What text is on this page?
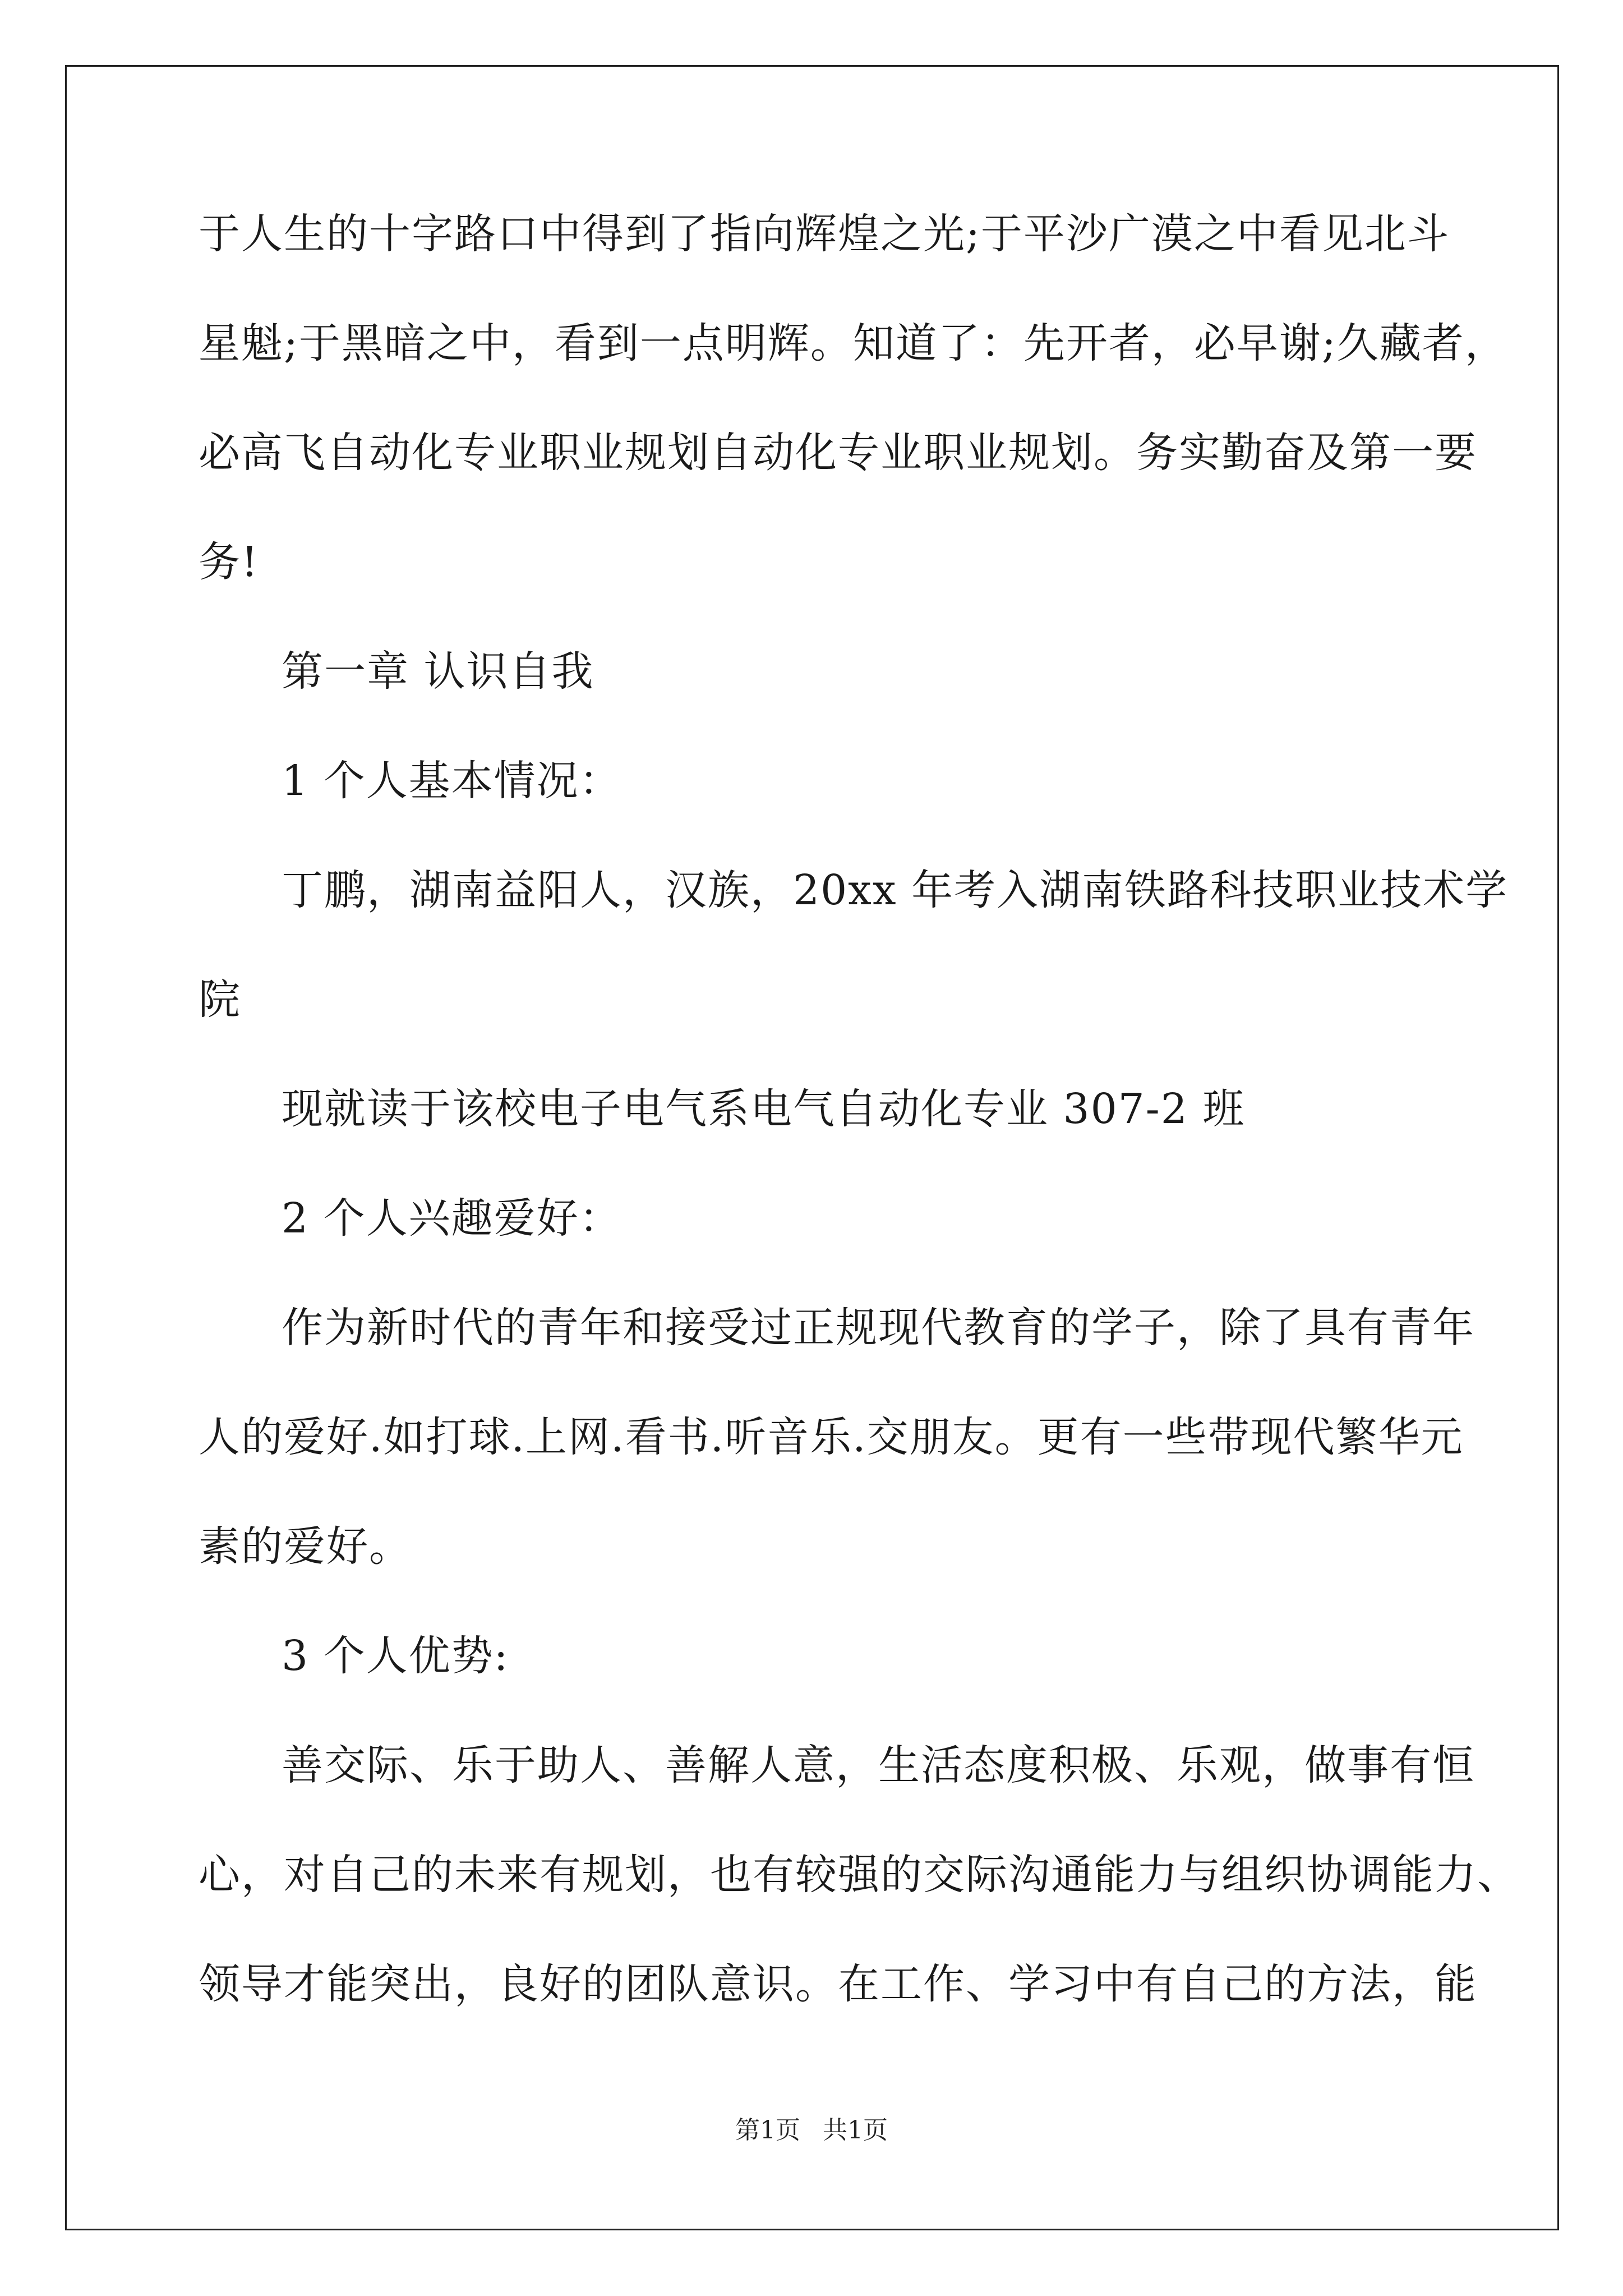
于人生的十字路口中得到了指向辉煌之光;于平沙广漠之中看见北斗
星魁;于黑暗之中，看到一点明辉。知道了：先开者，必早谢;久藏者，
必高飞自动化专业职业规划自动化专业职业规划。务实勤奋及第一要
务!
第一章 认识自我
1 个人基本情况：
丁鹏，湖南益阳人，汉族，20xx 年考入湖南铁路科技职业技术学
院
现就读于该校电子电气系电气自动化专业 307-2 班
2 个人兴趣爱好：
作为新时代的青年和接受过正规现代教育的学子，除了具有青年
人的爱好.如打球.上网.看书.听音乐.交朋友。更有一些带现代繁华元
素的爱好。
3 个人优势:
善交际、乐于助人、善解人意，生活态度积极、乐观，做事有恒
心，对自己的未来有规划，也有较强的交际沟通能力与组织协调能力、
领导才能突出，良好的团队意识。在工作、学习中有自己的方法，能
第1页 共1页
